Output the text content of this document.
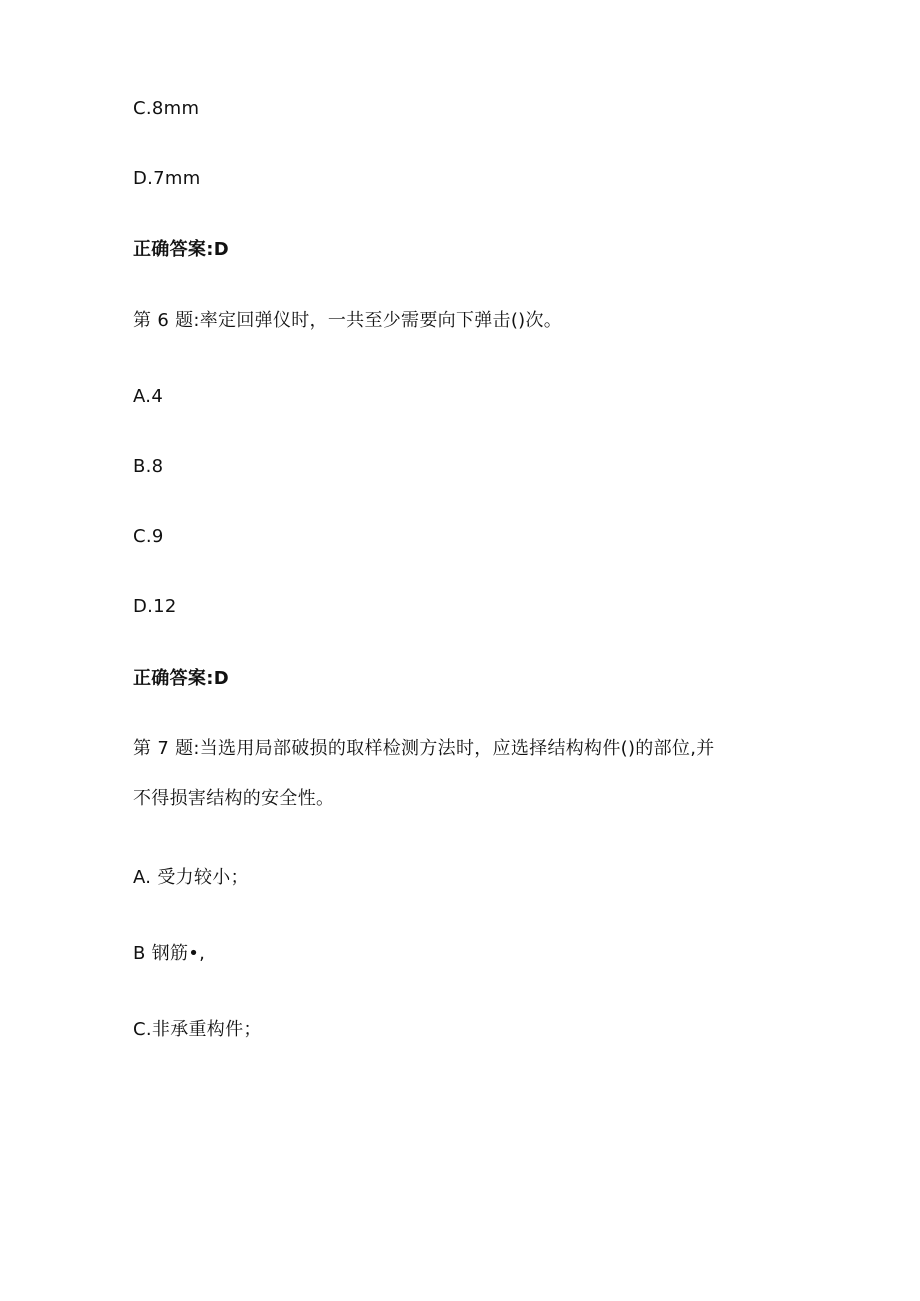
C.8mm
D.7mm
正确答案:D
第 6 题:率定回弹仪时，一共至少需要向下弹击()次。
A.4
B.8
C.9
D.12
正确答案:D
第 7 题:当选用局部破损的取样检测方法时，应选择结构构件()的部位,并
不得损害结构的安全性。
A. 受力较小；
B 钢筋•,
C.非承重构件；
